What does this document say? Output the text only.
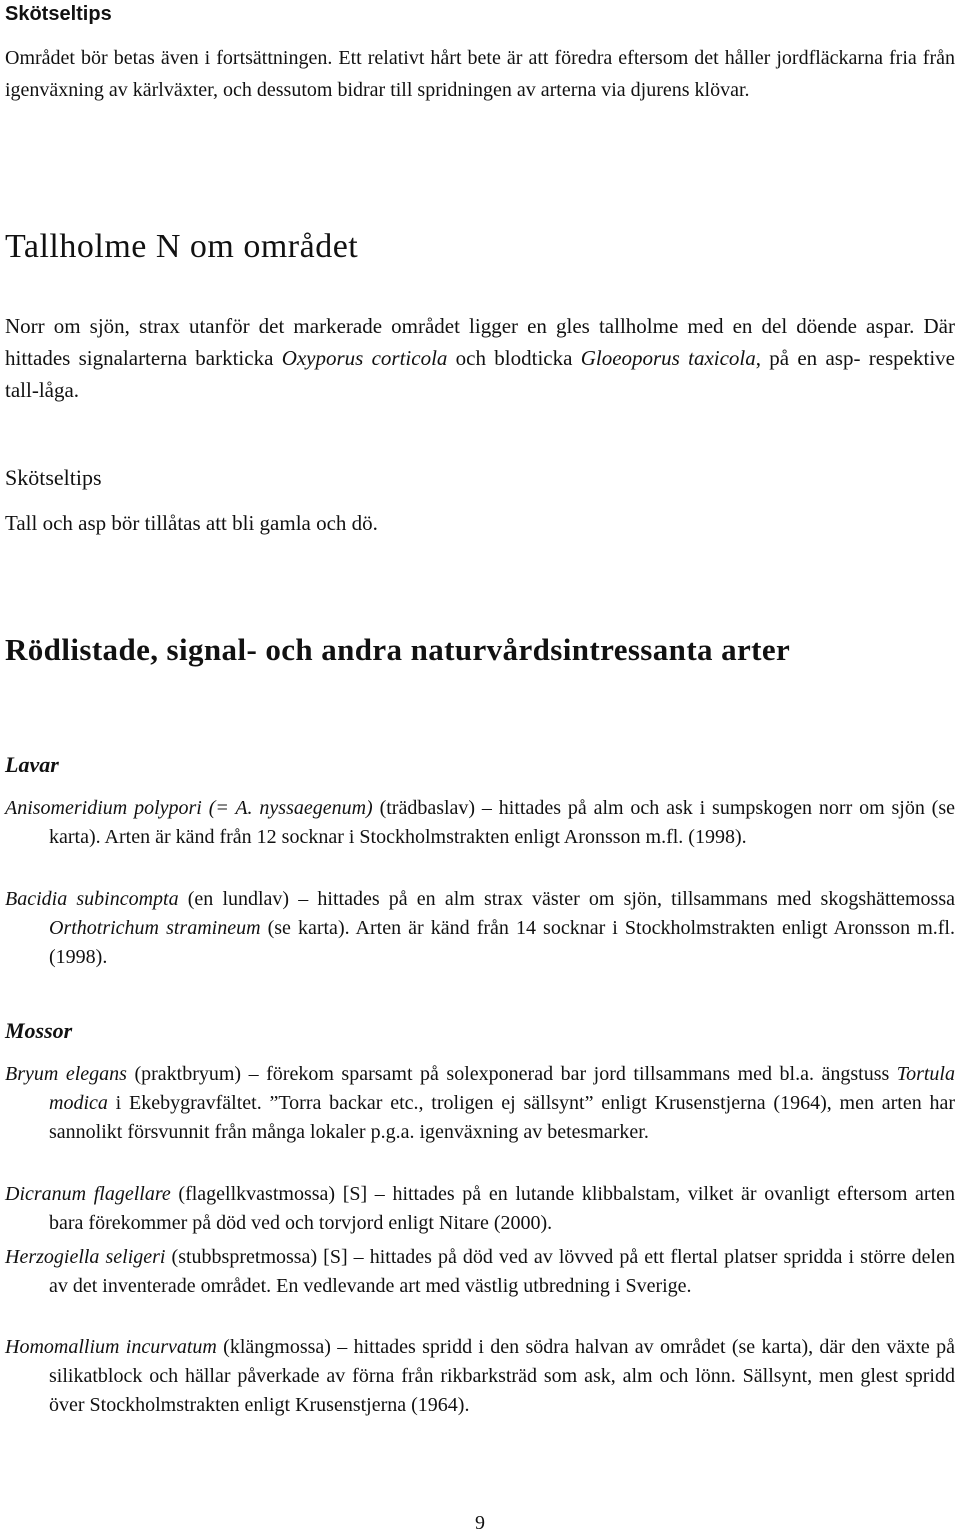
Skötseltips

Området bör betas även i fortsättningen. Ett relativt hårt bete är att föredra eftersom det håller jordfläckarna fria från igenväxning av kärlväxter, och dessutom bidrar till spridningen av arterna via djurens klövar.

Tallholme N om området

Norr om sjön, strax utanför det markerade området ligger en gles tallholme med en del döende aspar. Där hittades signalarterna barkticka Oxyporus corticola och blodticka Gloeoporus taxicola, på en asp- respektive tall-låga.

Skötseltips

Tall och asp bör tillåtas att bli gamla och dö.

Rödlistade, signal- och andra naturvårdsintressanta arter
Lavar

Anisomeridium polypori (= A. nyssaegenum) (trädbaslav) – hittades på alm och ask i sumpskogen norr om sjön (se karta). Arten är känd från 12 socknar i Stockholmstrakten enligt Aronsson m.fl. (1998).

Bacidia subincompta (en lundlav) – hittades på en alm strax väster om sjön, tillsammans med skogshättemossa Orthotrichum stramineum (se karta). Arten är känd från 14 socknar i Stockholmstrakten enligt Aronsson m.fl. (1998).

Mossor

Bryum elegans (praktbryum) – förekom sparsamt på solexponerad bar jord tillsammans med bl.a. ängstuss Tortula modica i Ekebygravfältet. ”Torra backar etc., troligen ej sällsynt” enligt Krusenstjerna (1964), men arten har sannolikt försvunnit från många lokaler p.g.a. igenväxning av betesmarker.

Dicranum flagellare (flagellkvastmossa) [S] – hittades på en lutande klibbalstam, vilket är ovanligt eftersom arten bara förekommer på död ved och torvjord enligt Nitare (2000).

Herzogiella seligeri (stubbspretmossa) [S] – hittades på död ved av lövved på ett flertal platser spridda i större delen av det inventerade området. En vedlevande art med västlig utbredning i Sverige.

Homomallium incurvatum (klängmossa) – hittades spridd i den södra halvan av området (se karta), där den växte på silikatblock och hällar påverkade av förna från rikbarksträd som ask, alm och lönn. Sällsynt, men glest spridd över Stockholmstrakten enligt Krusenstjerna (1964).

9
